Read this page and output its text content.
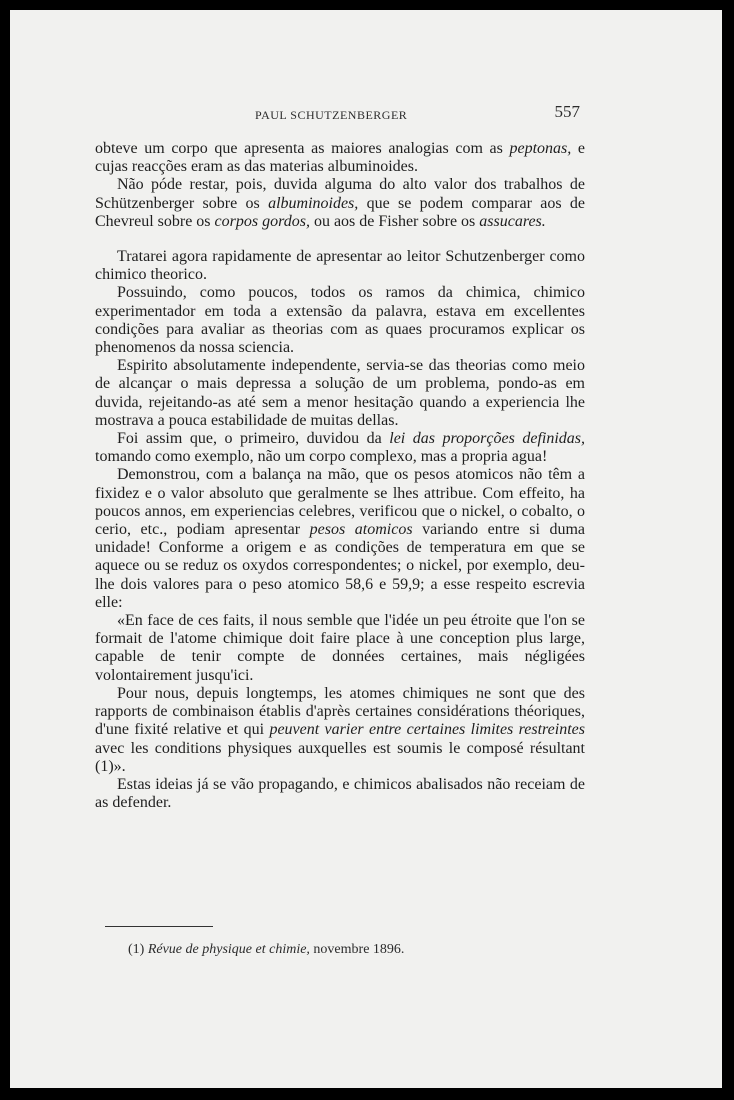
PAUL SCHUTZENBERGER	557

obteve um corpo que apresenta as maiores analogias com as peptonas, e cujas reacções eram as das materias albuminoides.

Não póde restar, pois, duvida alguma do alto valor dos trabalhos de Schützenberger sobre os albuminoides, que se podem comparar aos de Chevreul sobre os corpos gordos, ou aos de Fisher sobre os assucares.

Tratarei agora rapidamente de apresentar ao leitor Schutzenberger como chimico theorico.

Possuindo, como poucos, todos os ramos da chimica, chimico experimentador em toda a extensão da palavra, estava em excellentes condições para avaliar as theorias com as quaes procuramos explicar os phenomenos da nossa sciencia.

Espirito absolutamente independente, servia-se das theorias como meio de alcançar o mais depressa a solução de um problema, pondo-as em duvida, rejeitando-as até sem a menor hesitação quando a experiencia lhe mostrava a pouca estabilidade de muitas dellas.

Foi assim que, o primeiro, duvidou da lei das proporções definidas, tomando como exemplo, não um corpo complexo, mas a propria agua!

Demonstrou, com a balança na mão, que os pesos atomicos não têm a fixidez e o valor absoluto que geralmente se lhes attribue. Com effeito, ha poucos annos, em experiencias celebres, verificou que o nickel, o cobalto, o cerio, etc., podiam apresentar pesos atomicos variando entre si duma unidade! Conforme a origem e as condições de temperatura em que se aquece ou se reduz os oxydos correspondentes; o nickel, por exemplo, deu-lhe dois valores para o peso atomico 58,6 e 59,9; a esse respeito escrevia elle:

«En face de ces faits, il nous semble que l'idée un peu étroite que l'on se formait de l'atome chimique doit faire place à une conception plus large, capable de tenir compte de données certaines, mais négligées volontairement jusqu'ici.

Pour nous, depuis longtemps, les atomes chimiques ne sont que des rapports de combinaison établis d'après certaines considérations théoriques, d'une fixité relative et qui peuvent varier entre certaines limites restreintes avec les conditions physiques auxquelles est soumis le composé résultant (1)».

Estas ideias já se vão propagando, e chimicos abalisados não receiam de as defender.

(1) Révue de physique et chimie, novembre 1896.
